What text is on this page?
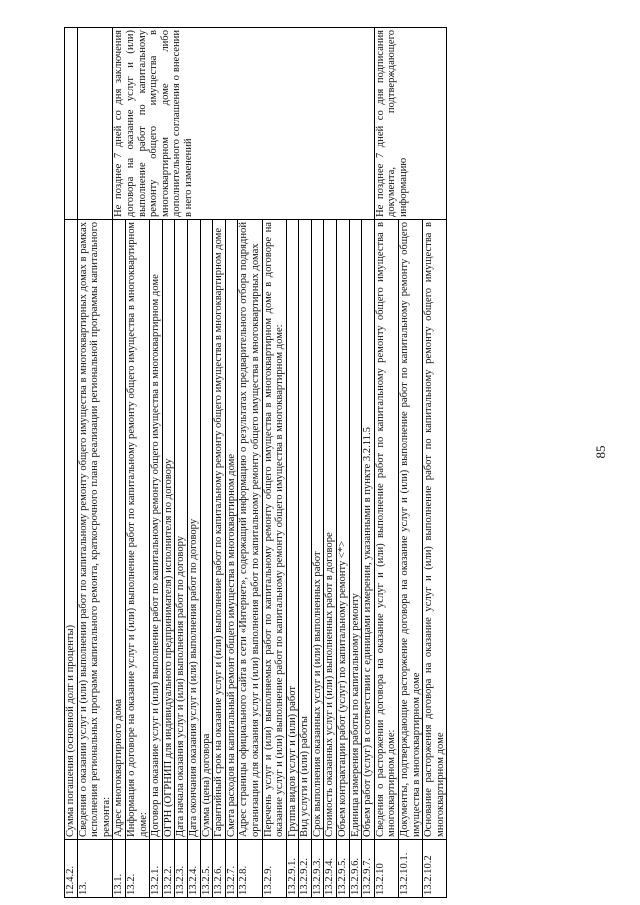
85
12.4.2.	Сумма погашения (основной долг и проценты)	
13.	Сведения о оказании услуг и (или) выполнении работ по капитальному ремонту общего имущества в многоквартирных домах в рамках исполнения региональных программ капитального ремонта, краткосрочного плана реализации региональной программы капитального ремонта:	
13.1.	Адрес многоквартирного дома	Не позднее 7 дней со дня заключения договора на оказание услуг и (или) выполнение работ по капитальному ремонту общего имущества в многоквартирном доме либо дополнительного соглашения о внесении в него изменений
13.2.	Информация о договоре на оказание услуг и (или) выполнение работ по капитальному ремонту общего имущества в многоквартирном доме:	
13.2.1.	Договор на оказание услуг и (или) выполнение работ по капитальному ремонту общего имущества в многоквартирном доме	
13.2.2.	ОГРН (ОГРНИП для индивидуального предпринимателя) исполнителя по договору	
13.2.3.	Дата начала оказания услуг и (или) выполнения работ по договору	
13.2.4.	Дата окончания оказания услуг и (или) выполнения работ по договору	
13.2.5.	Сумма (цена) договора	
13.2.6.	Гарантийный срок на оказание услуг и (или) выполнение работ по капитальному ремонту общего имущества в многоквартирном доме	
13.2.7.	Смета расходов на капитальный ремонт общего имущества в многоквартирном доме	
13.2.8.	Адрес страницы официального сайта в сети «Интернет», содержащий информацию о результатах предварительного отбора подрядной организации для оказания услуг и (или) выполнения работ по капитальному ремонту общего имущества в многоквартирных домах	
13.2.9.	Перечень услуг и (или) выполняемых работ по капитальному ремонту общего имущества в многоквартирном доме в договоре на оказание услуг и (или) выполнение работ по капитальному ремонту общего имущества в многоквартирном доме:	
13.2.9.1.	Группа видов услуг и (или) работ	
13.2.9.2.	Вид услуги и (или) работы	
13.2.9.3.	Срок выполнения оказанных услуг и (или) выполненных работ	
13.2.9.4.	Стоимость оказанных услуг и (или) выполненных работ в договоре	
13.2.9.5.	Объем контрактации работ (услуг) по капитальному ремонту <*>	
13.2.9.6.	Единица измерения работы по капитальному ремонту	
13.2.9.7.	Объем работ (услуг) в соответствии с единицами измерения, указанными в пункте 3.2.11.5	
13.2.10	Сведения о расторжении договора на оказание услуг и (или) выполнение работ по капитальному ремонту общего имущества в многоквартирном доме:	Не позднее 7 дней со дня подписания документа, подтверждающего информацию
13.2.10.1.	Документы, подтверждающие расторжение договора на оказание услуг и (или) выполнение работ по капитальному ремонту общего имущества в многоквартирном доме	
13.2.10.2	Основание расторжения договора на оказание услуг и (или) выполнение работ по капитальному ремонту общего имущества в многоквартирном доме	
